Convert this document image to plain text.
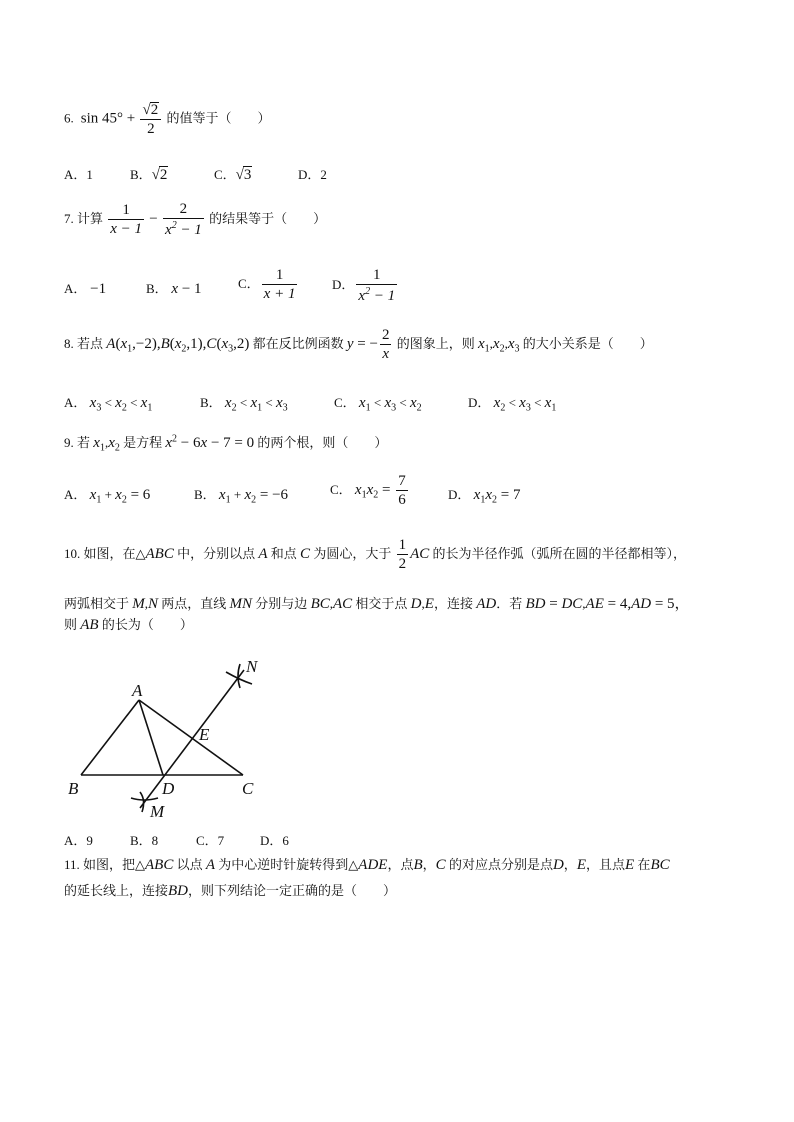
6.  $\sin 45^\circ + \frac{√2}{2}$ 的值等于（　　）
A．1	B．√2	C．√3	D．2
7. 计算 $\frac{1}{x - 1} - \frac{2}{x^2 - 1}$ 的结果等于（　　）
A． −1	B． x − 1	C． $\frac{1}{x + 1}$	D． $\frac{1}{x^2 - 1}$
8. 若点 $A(x_1,-2),B(x_2,1),C(x_3,2)$ 都在反比例函数 y = − $\frac{2}{x}$ 的图象上，则 $x_1,x_2,x_3$ 的大小关系是（　　）
A． $x_3 < x_2 < x_1$	B． $x_2 < x_1 < x_3$	C． $x_1 < x_3 < x_2$	D． $x_2 < x_3 < x_1$
9. 若 $x_1,x_2$ 是方程 $x^2 - 6x - 7 = 0$ 的两个根，则（　　）
A． $x_1 + x_2 = 6$	B． $x_1 + x_2 = -6$	C． $x_1x_2 = \frac{7}{6}$	D． $x_1x_2 = 7$
10. 如图，在△ABC 中，分别以点 A 和点 C 为圆心，大于 $\frac{1}{2}$ AC 的长为半径作弧（弧所在圆的半径都相等），
两弧相交于 M,N 两点，直线 MN 分别与边 BC,AC 相交于点 D,E，连接 AD．若 BD = DC,AE = 4,AD = 5，
则 AB 的长为（　　）
A
B	C
D
E
M
N
A．9	B．8	C．7	D．6
11. 如图，把△ABC 以点 A 为中心逆时针旋转得到△ADE，点B，C 的对应点分别是点D，E，且点E 在BC
的延长线上，连接BD，则下列结论一定正确的是（　　）
